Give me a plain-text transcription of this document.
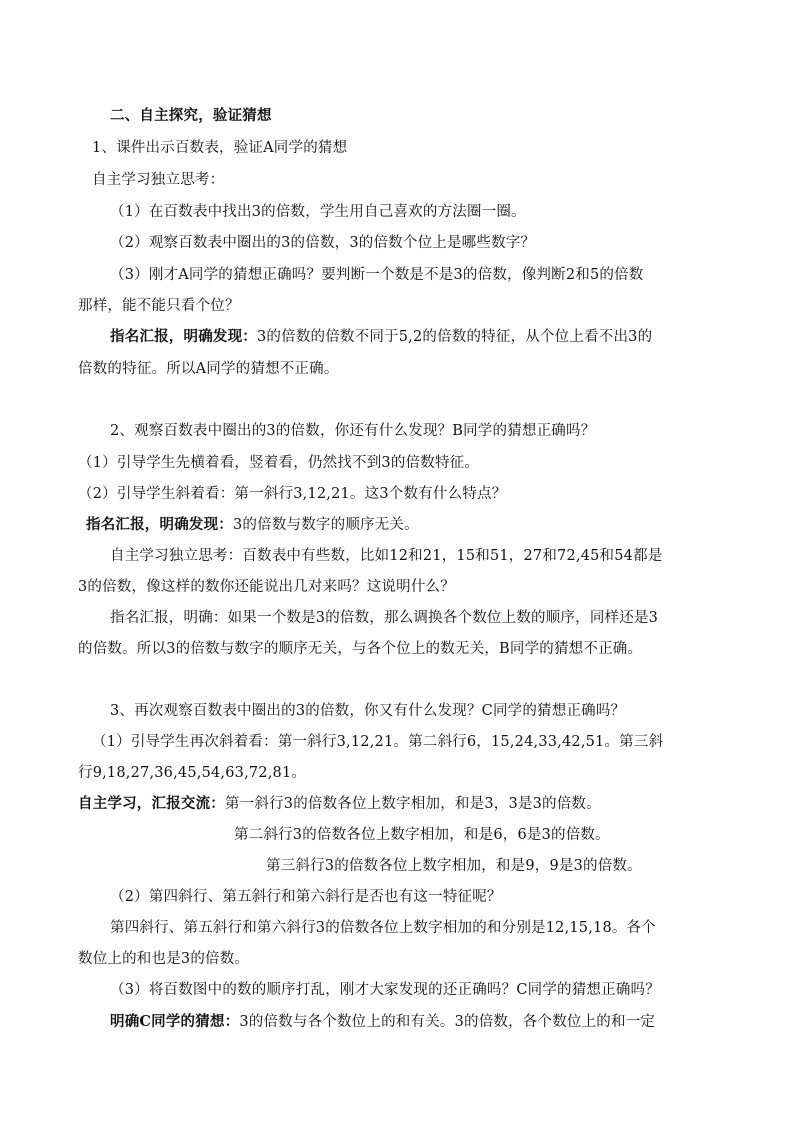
二、自主探究，验证猜想
1、课件出示百数表，验证A同学的猜想
自主学习独立思考：
（1）在百数表中找出3的倍数，学生用自己喜欢的方法圈一圈。
（2）观察百数表中圈出的3的倍数，3的倍数个位上是哪些数字？
（3）刚才A同学的猜想正确吗？要判断一个数是不是3的倍数，像判断2和5的倍数
那样，能不能只看个位？
指名汇报，明确发现：3的倍数的倍数不同于5,2的倍数的特征，从个位上看不出3的
倍数的特征。所以A同学的猜想不正确。
2、观察百数表中圈出的3的倍数，你还有什么发现？B同学的猜想正确吗？
（1）引导学生先横着看，竖着看，仍然找不到3的倍数特征。
（2）引导学生斜着看：第一斜行3,12,21。这3个数有什么特点？
指名汇报，明确发现：3的倍数与数字的顺序无关。
自主学习独立思考：百数表中有些数，比如12和21，15和51，27和72,45和54都是
3的倍数，像这样的数你还能说出几对来吗？这说明什么？
指名汇报，明确：如果一个数是3的倍数，那么调换各个数位上数的顺序，同样还是3
的倍数。所以3的倍数与数字的顺序无关，与各个位上的数无关，B同学的猜想不正确。
3、再次观察百数表中圈出的3的倍数，你又有什么发现？C同学的猜想正确吗？
（1）引导学生再次斜着看：第一斜行3,12,21。第二斜行6，15,24,33,42,51。第三斜
行9,18,27,36,45,54,63,72,81。
自主学习，汇报交流：第一斜行3的倍数各位上数字相加，和是3，3是3的倍数。
第二斜行3的倍数各位上数字相加，和是6，6是3的倍数。
第三斜行3的倍数各位上数字相加，和是9，9是3的倍数。
（2）第四斜行、第五斜行和第六斜行是否也有这一特征呢？
第四斜行、第五斜行和第六斜行3的倍数各位上数字相加的和分别是12,15,18。各个
数位上的和也是3的倍数。
（3）将百数图中的数的顺序打乱，刚才大家发现的还正确吗？C同学的猜想正确吗？
明确C同学的猜想：3的倍数与各个数位上的和有关。3的倍数，各个数位上的和一定
